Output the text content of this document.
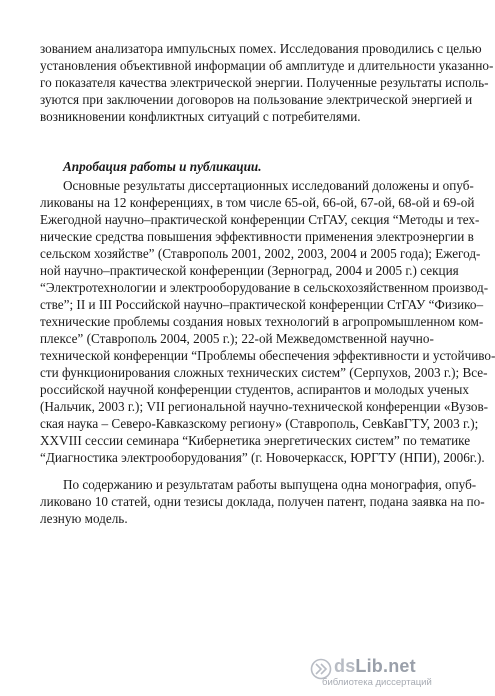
зованием анализатора импульсных помех. Исследования проводились с целью
установления объективной информации об амплитуде и длительности указанно-
го показателя качества электрической энергии. Полученные результаты исполь-
зуются при заключении договоров на пользование электрической энергией и
возникновении конфликтных ситуаций с потребителями.
Апробация работы и публикации.
Основные результаты диссертационных исследований доложены и опуб-
ликованы на 12 конференциях, в том числе 65-ой, 66-ой, 67-ой, 68-ой и 69-ой
Ежегодной научно–практической конференции СтГАУ, секция “Методы и тех-
нические средства повышения эффективности применения электроэнергии в
сельском хозяйстве” (Ставрополь 2001, 2002, 2003, 2004 и 2005 года); Ежегод-
ной научно–практической конференции (Зерноград, 2004 и 2005 г.) секция
“Электротехнологии и электрооборудование в сельскохозяйственном производ-
стве”; II и III Российской научно–практической конференции СтГАУ “Физико–
технические проблемы создания новых технологий в агропромышленном ком-
плексе” (Ставрополь 2004, 2005 г.); 22-ой Межведомственной научно-
технической конференции “Проблемы обеспечения эффективности и устойчиво-
сти функционирования сложных технических систем” (Серпухов, 2003 г.); Все-
российской научной конференции студентов, аспирантов и молодых ученых
(Нальчик, 2003 г.); VII региональной научно-технической конференции «Вузов-
ская наука – Северо-Кавказскому региону» (Ставрополь, СевКавГТУ, 2003 г.);
XXVIII сессии семинара “Кибернетика энергетических систем” по тематике
“Диагностика электрооборудования” (г. Новочеркасск, ЮРГТУ (НПИ), 2006г.).
По содержанию и результатам работы выпущена одна монография, опуб-
ликовано 10 статей, одни тезисы доклада, получен патент, подана заявка на по-
лезную модель.
dsLib.net
библиотека диссертаций
